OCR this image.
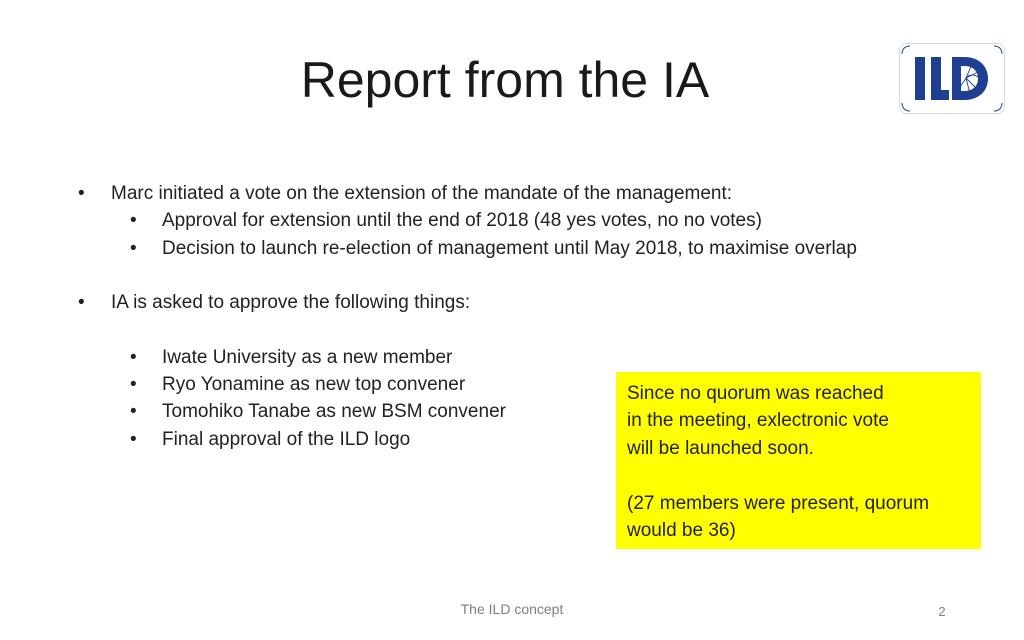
Report from the IA
• Marc initiated a vote on the extension of the mandate of the management:
• Approval for extension until the end of 2018 (48 yes votes, no no votes)
• Decision to launch re-election of management until May 2018, to maximise overlap
• IA is asked to approve the following things:
• Iwate University as a new member
• Ryo Yonamine as new top convener
• Tomohiko Tanabe as new BSM convener
• Final approval of the ILD logo
Since no quorum was reached
in the meeting, exlectronic vote
will be launched soon.
(27 members were present, quorum
would be 36)
The ILD concept	2
